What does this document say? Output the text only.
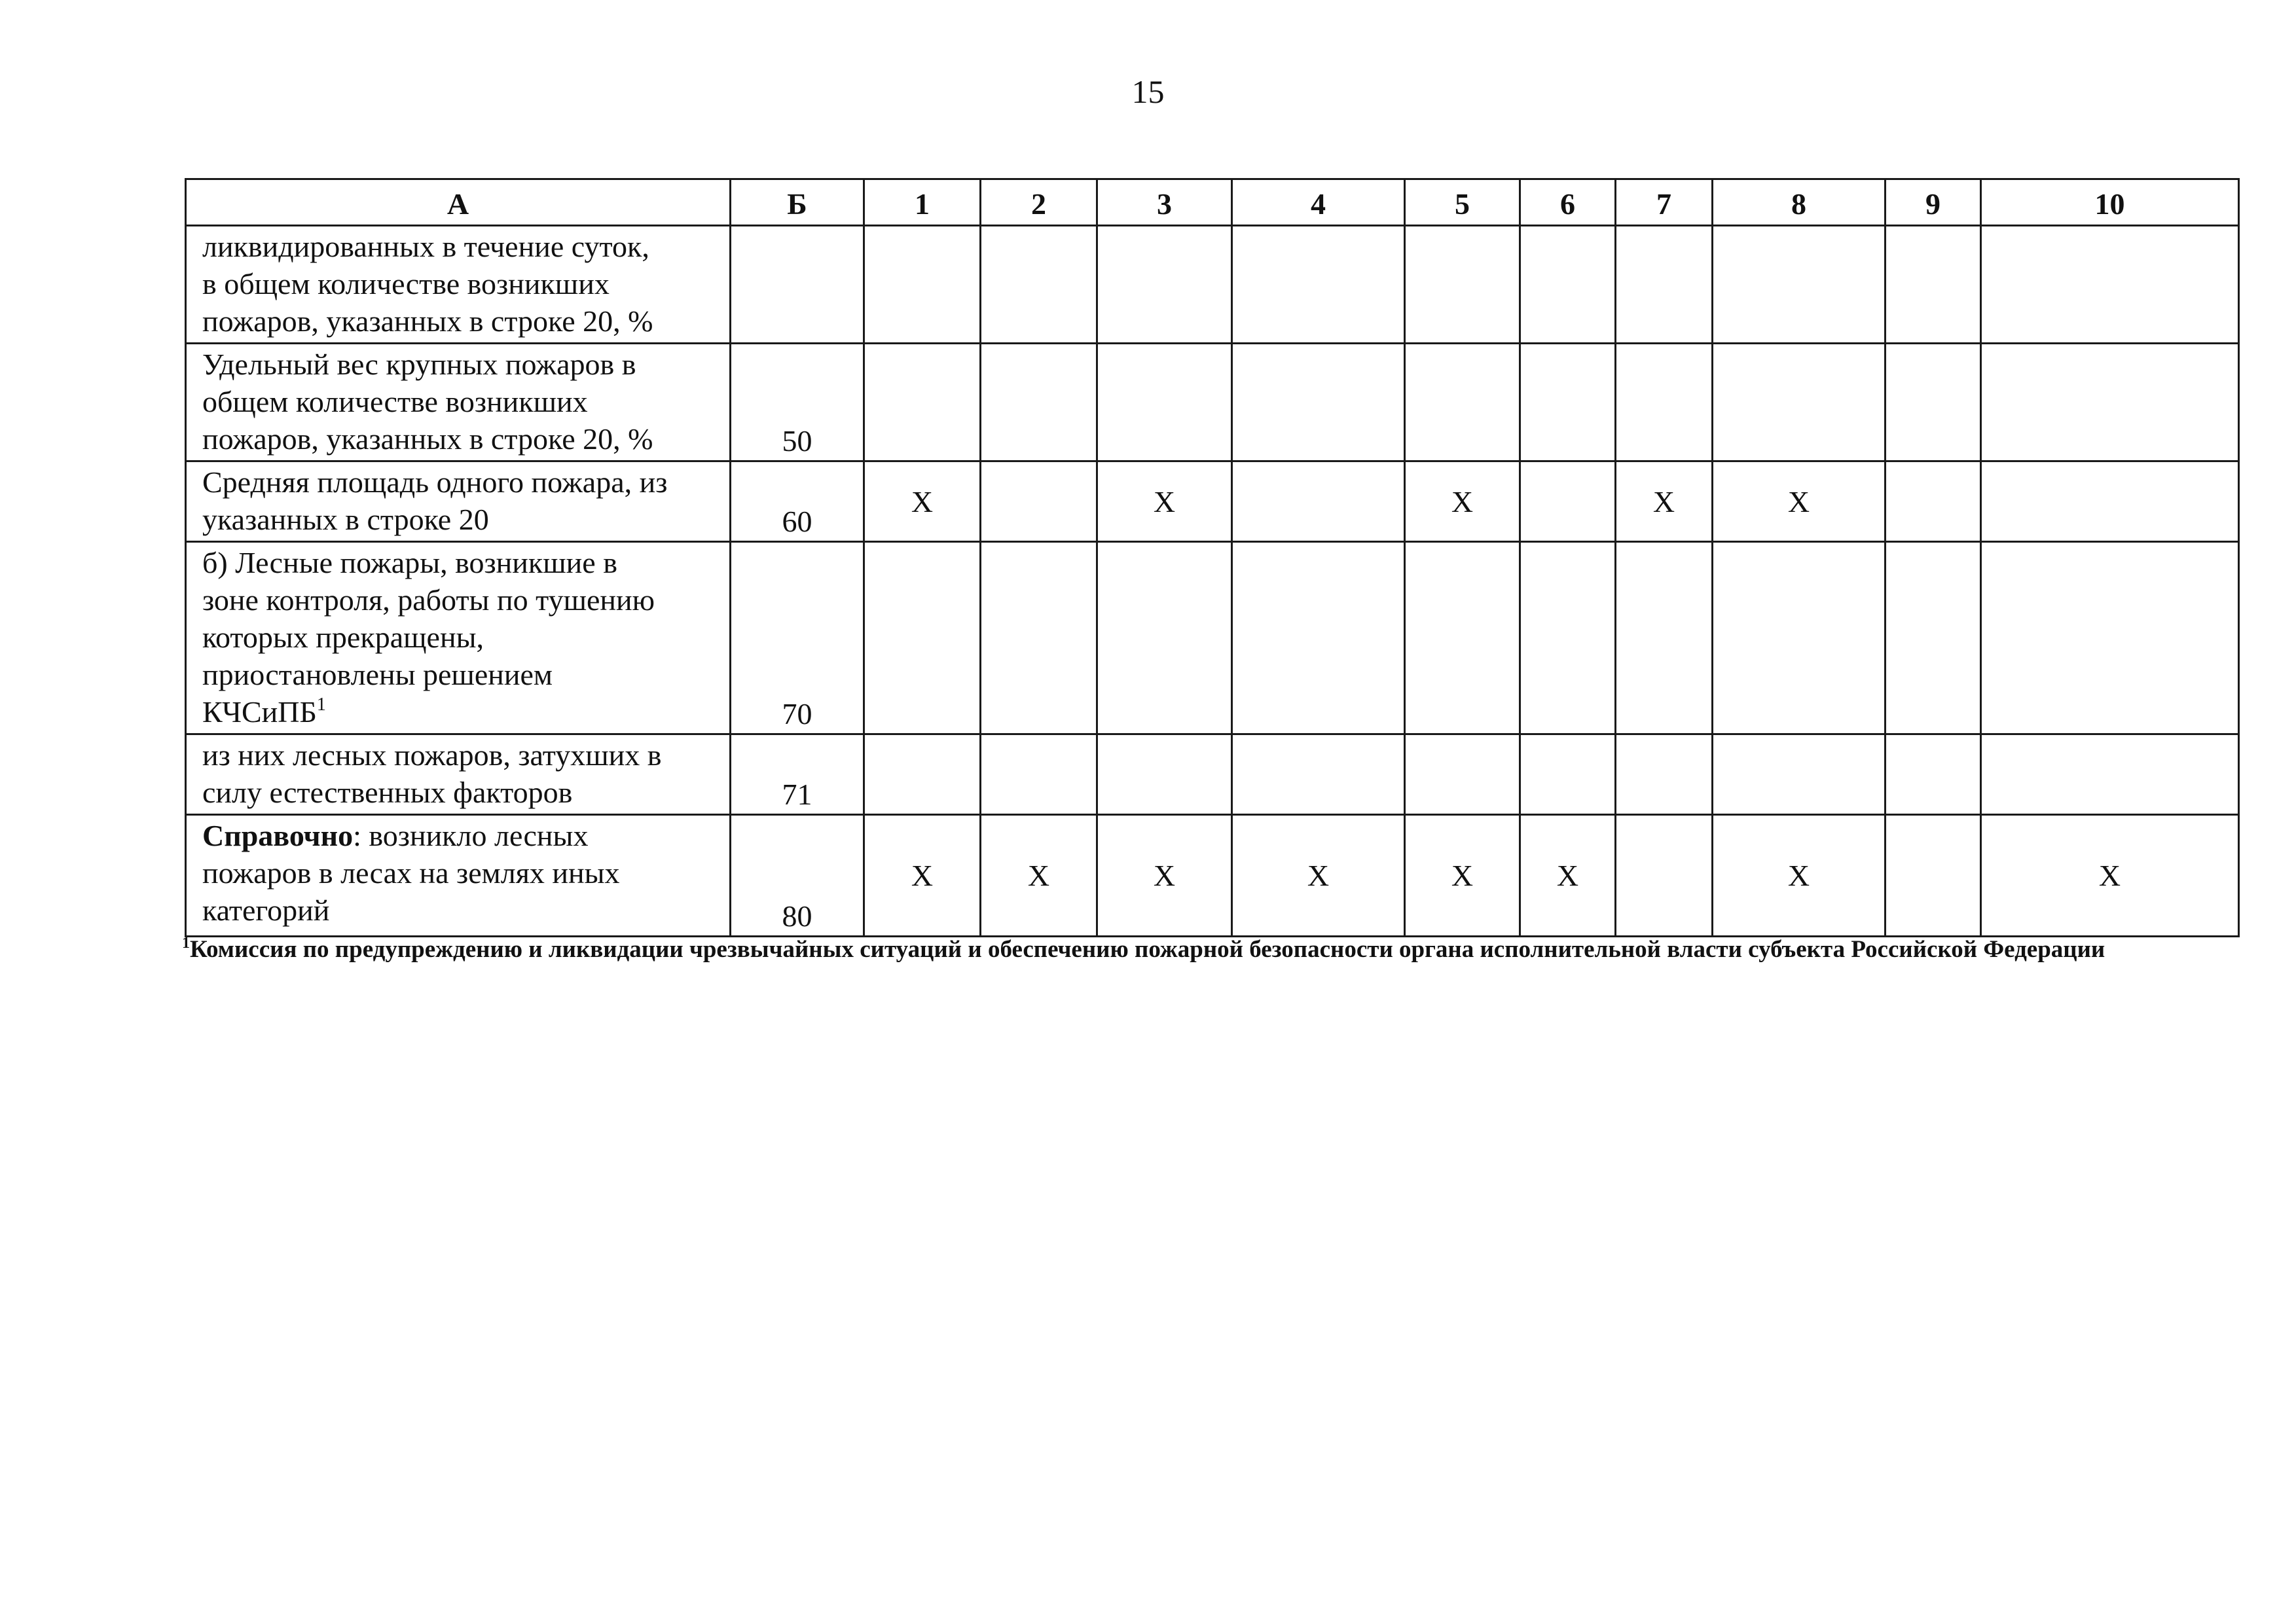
15
А	Б	1	2	3	4	5	6	7	8	9	10
ликвидированных в течение суток,
в общем количестве возникших
пожаров, указанных в строке 20, %											
Удельный вес крупных пожаров в
общем количестве возникших
пожаров, указанных в строке 20, %	50										
Средняя площадь одного пожара, из
указанных в строке 20	60	Х		Х		Х		Х	Х		
б) Лесные пожары, возникшие в
зоне контроля, работы по тушению
которых прекращены,
приостановлены решением
КЧСиПБ$^1$	70										
из них лесных пожаров, затухших в
силу естественных факторов	71										
Справочно: возникло лесных
пожаров в лесах на землях иных
категорий	80	Х	Х	Х	Х	Х	Х		Х		Х
$^1$Комиссия по предупреждению и ликвидации чрезвычайных ситуаций и обеспечению пожарной безопасности органа исполнительной власти субъекта Российской Федерации
